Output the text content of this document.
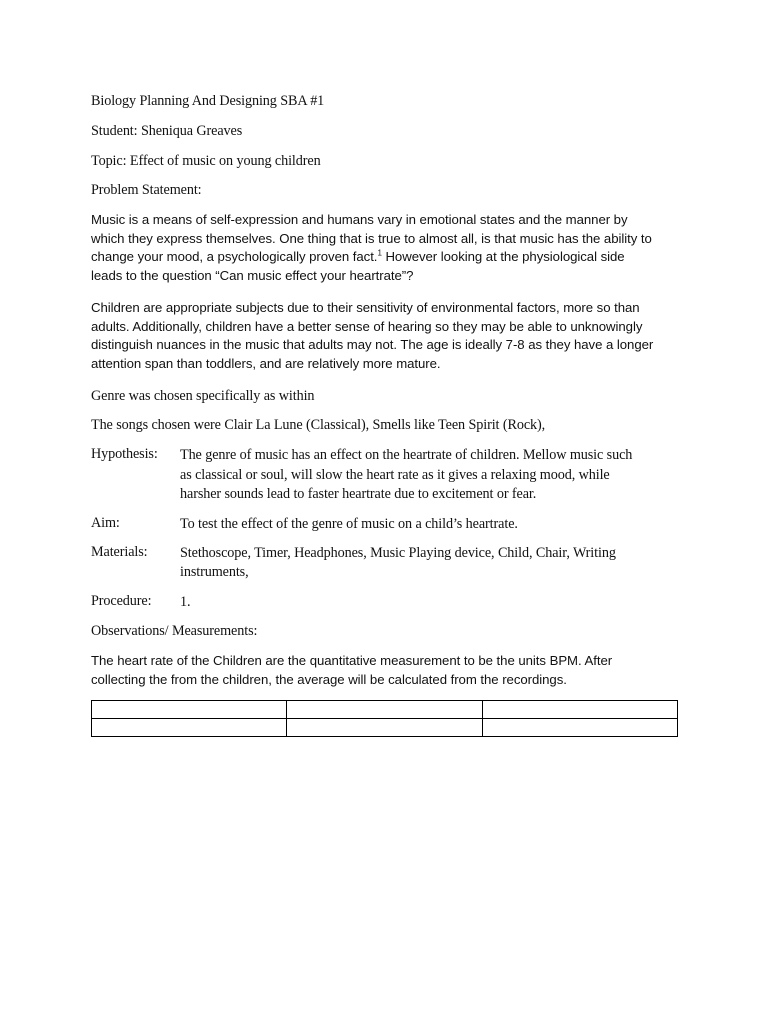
Biology Planning And Designing SBA #1
Student: Sheniqua Greaves
Topic: Effect of music on young children
Problem Statement:
Music is a means of self-expression and humans vary in emotional states and the manner by
which they express themselves. One thing that is true to almost all, is that music has the ability to
change your mood, a psychologically proven fact.$^1$ However looking at the physiological side
leads to the question “Can music effect your heartrate”?
Children are appropriate subjects due to their sensitivity of environmental factors, more so than
adults. Additionally, children have a better sense of hearing so they may be able to unknowingly
distinguish nuances in the music that adults may not. The age is ideally 7-8 as they have a longer
attention span than toddlers, and are relatively more mature.
Genre was chosen specifically as within
The songs chosen were Clair La Lune (Classical), Smells like Teen Spirit (Rock),
Hypothesis: The genre of music has an effect on the heartrate of children. Mellow music such
as classical or soul, will slow the heart rate as it gives a relaxing mood, while
harsher sounds lead to faster heartrate due to excitement or fear.
Aim:	To test the effect of the genre of music on a child’s heartrate.
Materials: Stethoscope, Timer, Headphones, Music Playing device, Child, Chair, Writing
instruments,
Procedure: 1.
Observations/ Measurements:
The heart rate of the Children are the quantitative measurement to be the units BPM. After
collecting the from the children, the average will be calculated from the recordings.
